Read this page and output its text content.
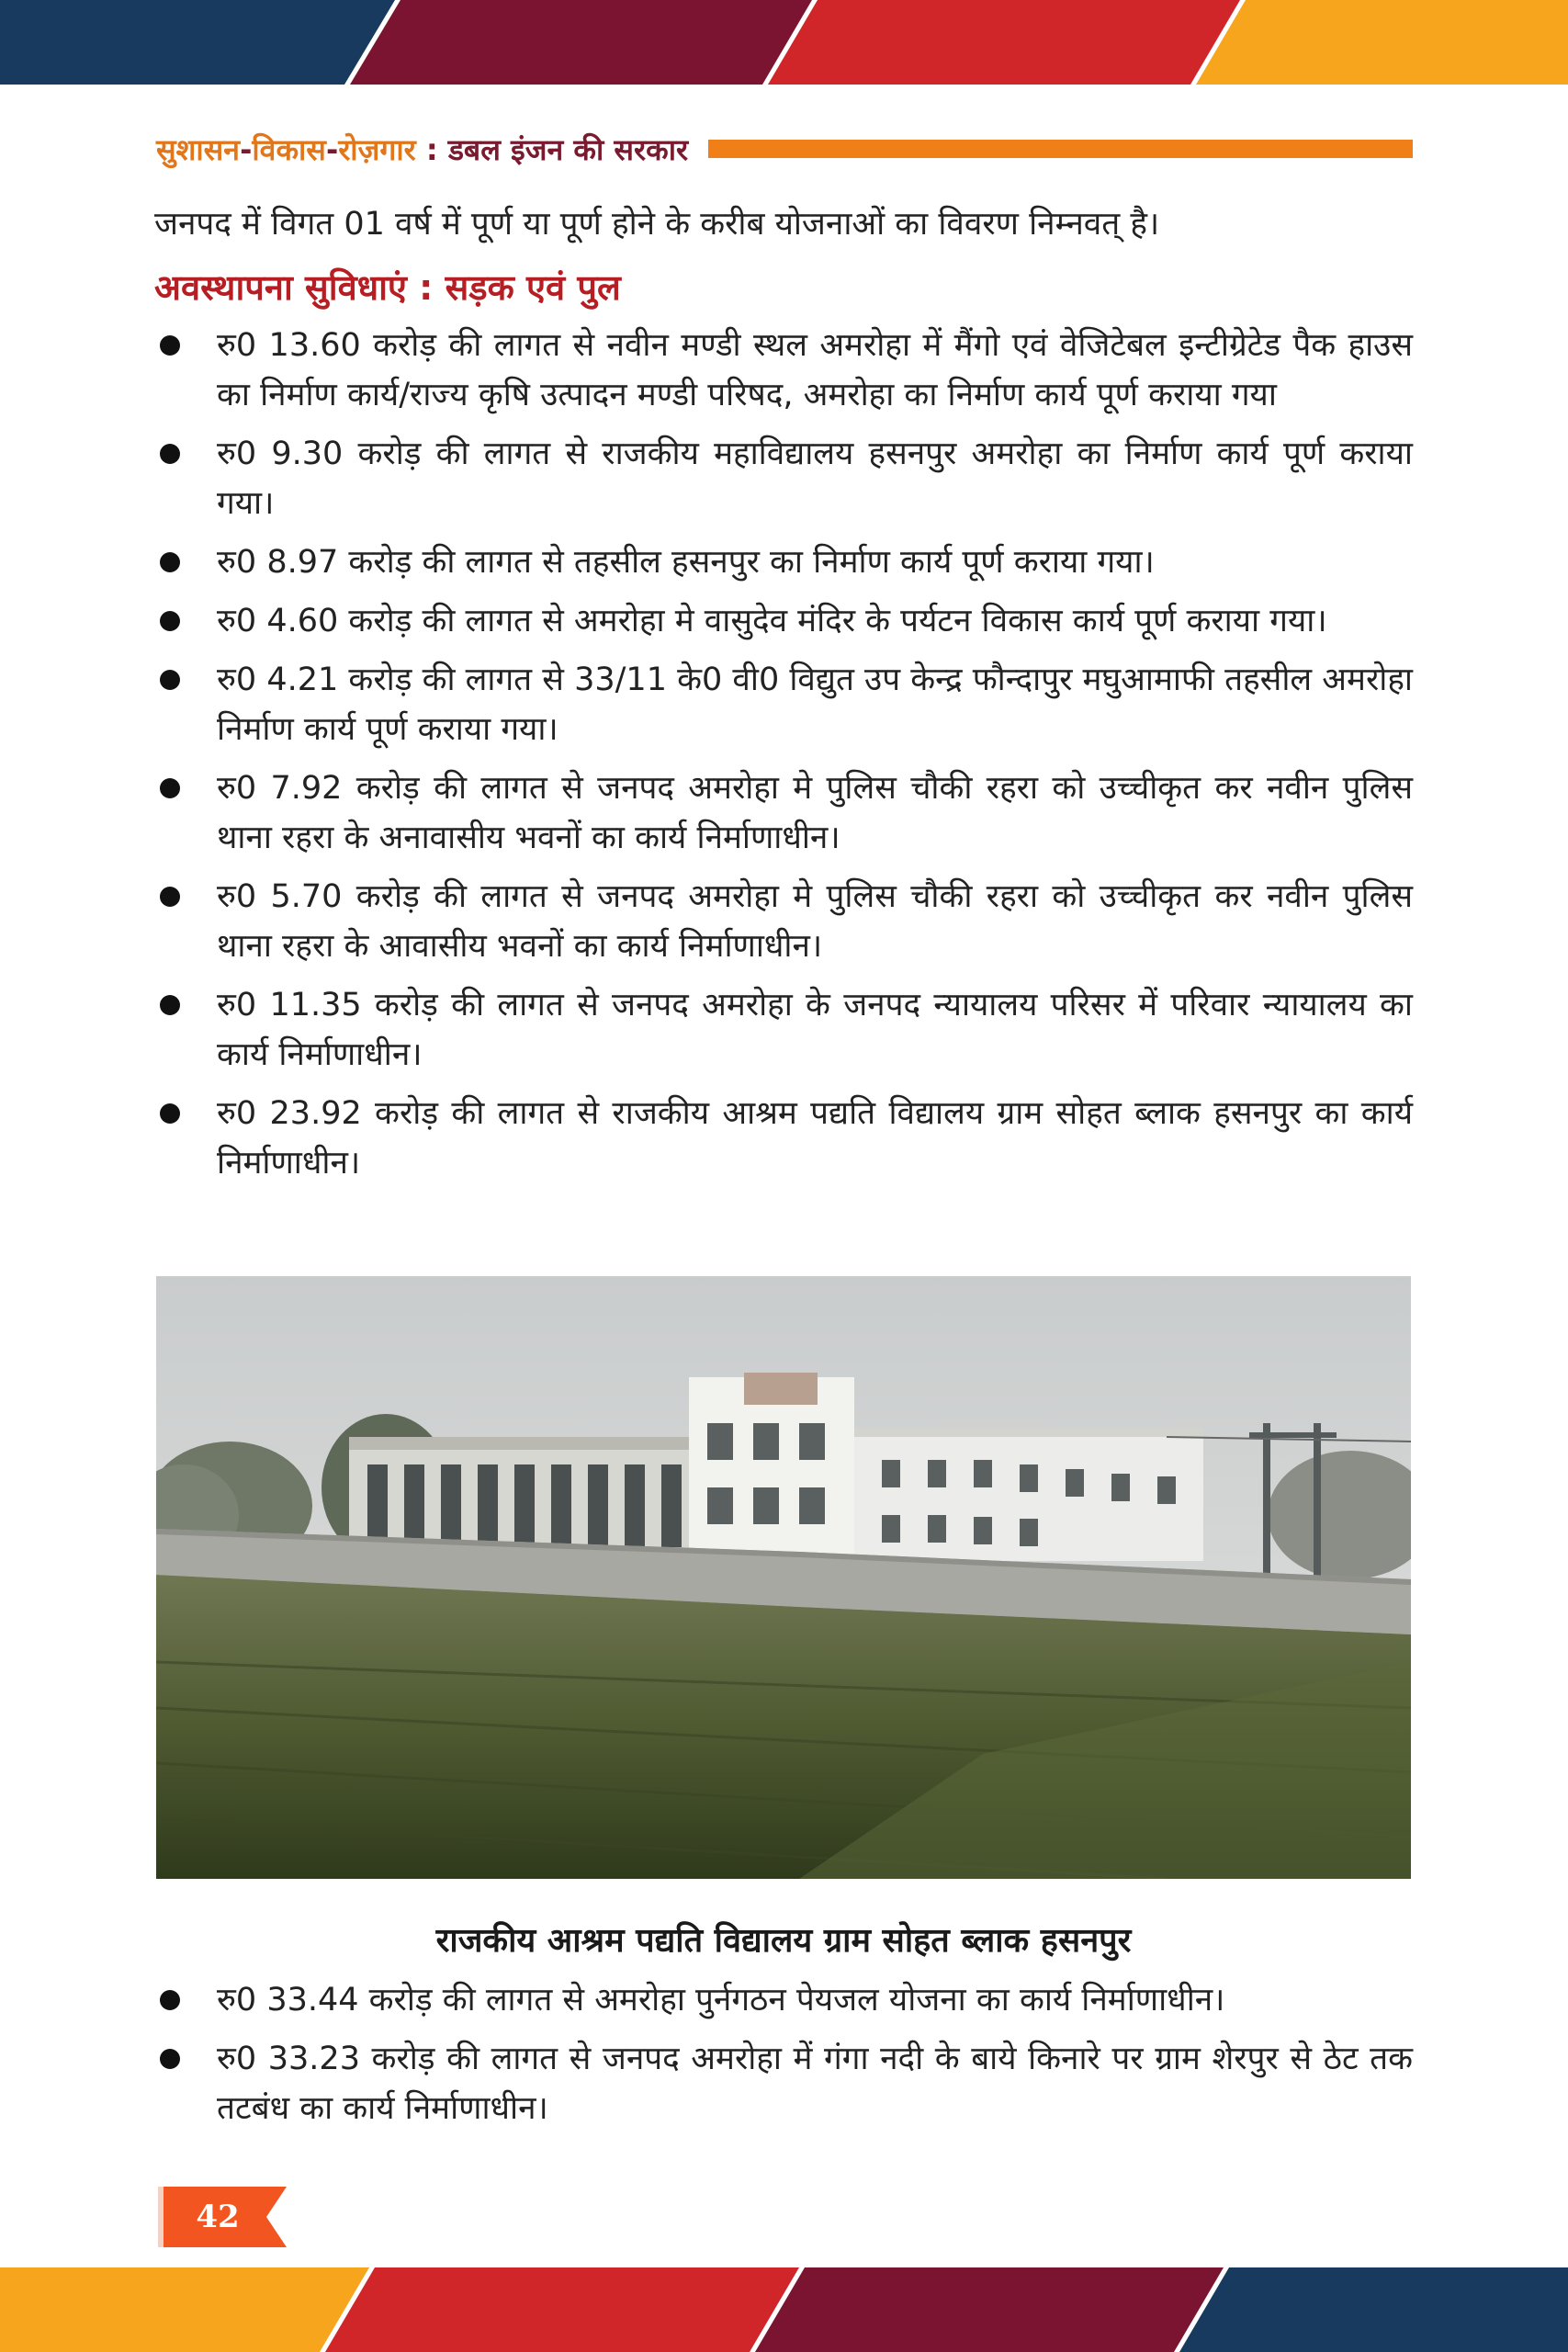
सुशासन-विकास-रोज़गार : डबल इंजन की सरकार

जनपद में विगत 01 वर्ष में पूर्ण या पूर्ण होने के करीब योजनाओं का विवरण निम्नवत् है।

अवस्थापना सुविधाएं : सड़क एवं पुल
रु0 13.60 करोड़ की लागत से नवीन मण्डी स्थल अमरोहा में मैंगो एवं वेजिटेबल इन्टीग्रेटेड पैक हाउस का निर्माण कार्य/राज्य कृषि उत्पादन मण्डी परिषद, अमरोहा का निर्माण कार्य पूर्ण कराया गया
रु0 9.30 करोड़ की लागत से राजकीय महाविद्यालय हसनपुर अमरोहा का निर्माण कार्य पूर्ण कराया गया।
रु0 8.97 करोड़ की लागत से तहसील हसनपुर का निर्माण कार्य पूर्ण कराया गया।
रु0 4.60 करोड़ की लागत से अमरोहा मे वासुदेव मंदिर के पर्यटन विकास कार्य पूर्ण कराया गया।
रु0 4.21 करोड़ की लागत से 33/11 के0 वी0 विद्युत उप केन्द्र फौन्दापुर मघुआमाफी तहसील अमरोहा निर्माण कार्य पूर्ण कराया गया।
रु0 7.92 करोड़ की लागत से जनपद अमरोहा मे पुलिस चौकी रहरा को उच्चीकृत कर नवीन पुलिस थाना रहरा के अनावासीय भवनों का कार्य निर्माणाधीन।
रु0 5.70 करोड़ की लागत से जनपद अमरोहा मे पुलिस चौकी रहरा को उच्चीकृत कर नवीन पुलिस थाना रहरा के आवासीय भवनों का कार्य निर्माणाधीन।
रु0 11.35 करोड़ की लागत से जनपद अमरोहा के जनपद न्यायालय परिसर में परिवार न्यायालय का कार्य निर्माणाधीन।
रु0 23.92 करोड़ की लागत से राजकीय आश्रम पद्यति विद्यालय ग्राम सोहत ब्लाक हसनपुर का कार्य निर्माणाधीन।
राजकीय आश्रम पद्यति विद्यालय ग्राम सोहत ब्लाक हसनपुर
रु0 33.44 करोड़ की लागत से अमरोहा पुर्नगठन पेयजल योजना का कार्य निर्माणाधीन।
रु0 33.23 करोड़ की लागत से जनपद अमरोहा में गंगा नदी के बाये किनारे पर ग्राम शेरपुर से ठेट तक तटबंध का कार्य निर्माणाधीन।
42
